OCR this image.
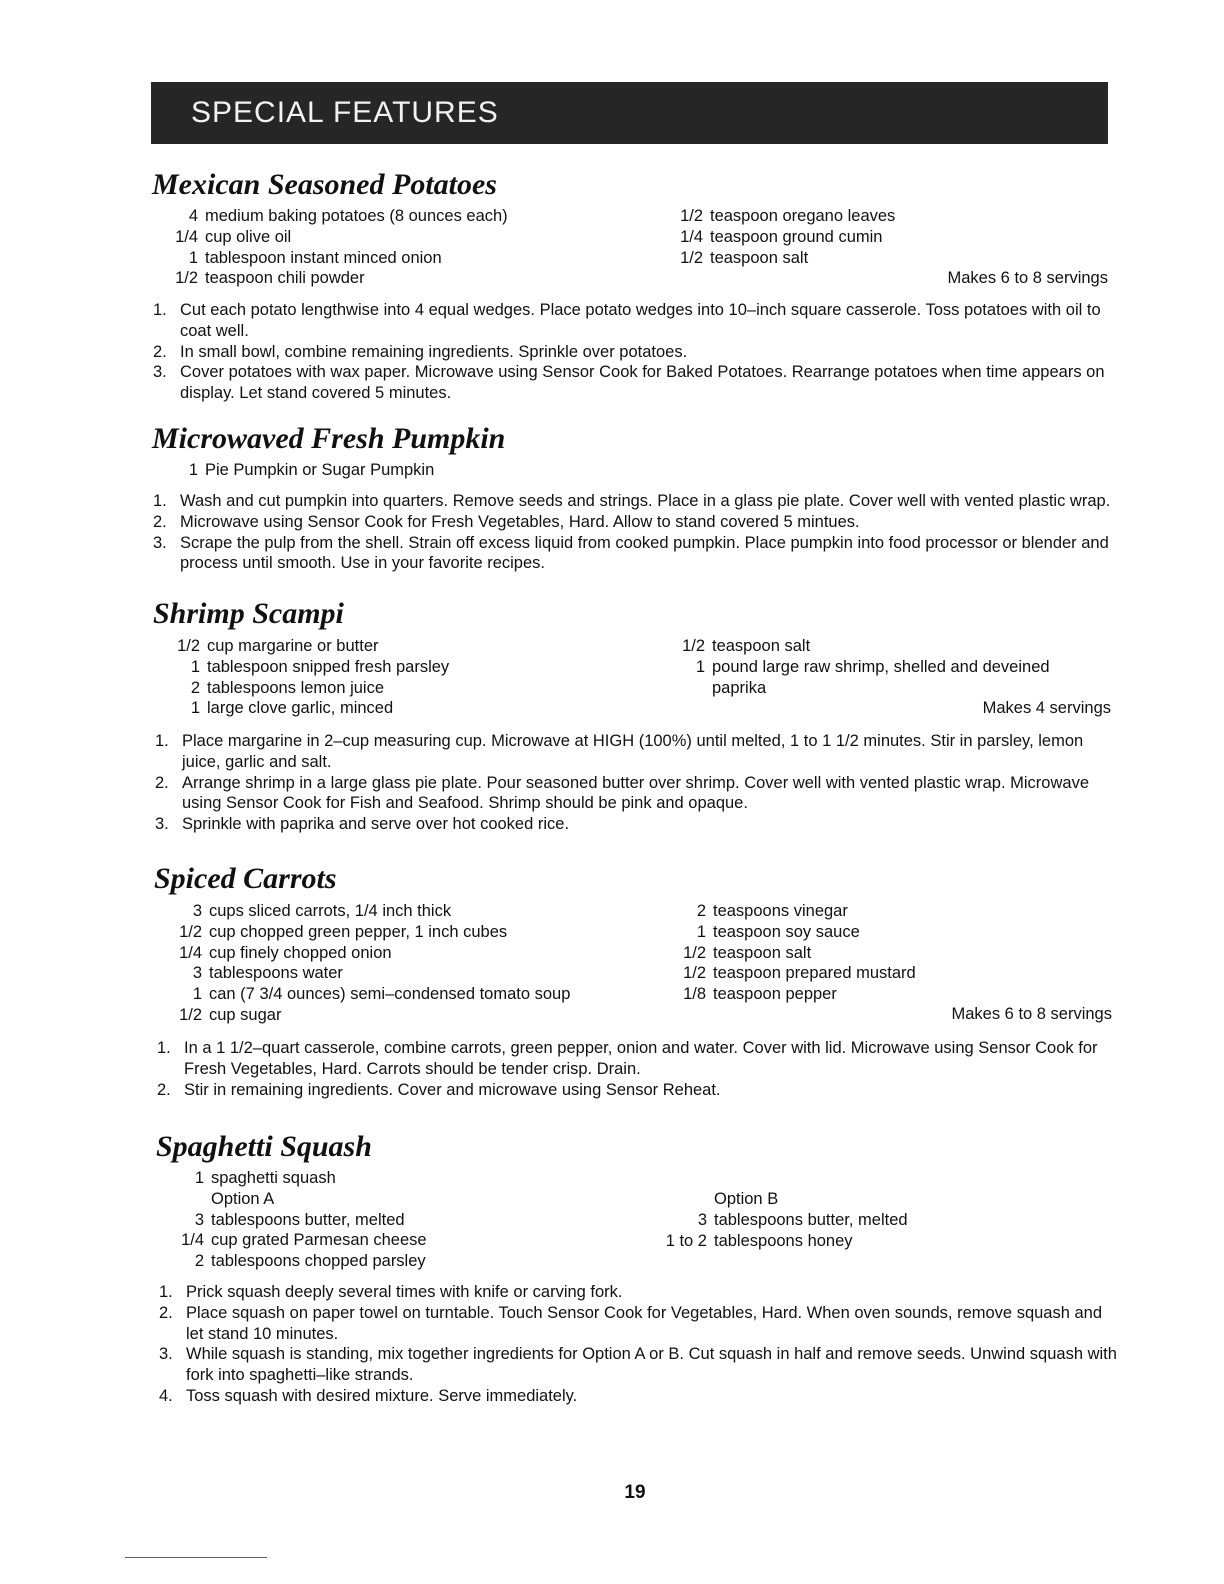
SPECIAL FEATURES
Mexican Seasoned Potatoes
4 medium baking potatoes (8 ounces each)
1/4 cup olive oil
1 tablespoon instant minced onion
1/2 teaspoon chili powder
1/2 teaspoon oregano leaves
1/4 teaspoon ground cumin
1/2 teaspoon salt
Makes 6 to 8 servings
1. Cut each potato lengthwise into 4 equal wedges. Place potato wedges into 10–inch square casserole. Toss potatoes with oil to coat well.
2. In small bowl, combine remaining ingredients. Sprinkle over potatoes.
3. Cover potatoes with wax paper. Microwave using Sensor Cook for Baked Potatoes. Rearrange potatoes when time appears on display. Let stand covered 5 minutes.
Microwaved Fresh Pumpkin
1 Pie Pumpkin or Sugar Pumpkin
1. Wash and cut pumpkin into quarters. Remove seeds and strings. Place in a glass pie plate. Cover well with vented plastic wrap.
2. Microwave using Sensor Cook for Fresh Vegetables, Hard. Allow to stand covered 5 mintues.
3. Scrape the pulp from the shell. Strain off excess liquid from cooked pumpkin. Place pumpkin into food processor or blender and process until smooth. Use in your favorite recipes.
Shrimp Scampi
1/2 cup margarine or butter
1 tablespoon snipped fresh parsley
2 tablespoons lemon juice
1 large clove garlic, minced
1/2 teaspoon salt
1 pound large raw shrimp, shelled and deveined
paprika
Makes 4 servings
1. Place margarine in 2–cup measuring cup. Microwave at HIGH (100%) until melted, 1 to 1 1/2 minutes. Stir in parsley, lemon juice, garlic and salt.
2. Arrange shrimp in a large glass pie plate. Pour seasoned butter over shrimp. Cover well with vented plastic wrap. Microwave using Sensor Cook for Fish and Seafood. Shrimp should be pink and opaque.
3. Sprinkle with paprika and serve over hot cooked rice.
Spiced Carrots
3 cups sliced carrots, 1/4 inch thick
1/2 cup chopped green pepper, 1 inch cubes
1/4 cup finely chopped onion
3 tablespoons water
1 can (7 3/4 ounces) semi–condensed tomato soup
1/2 cup sugar
2 teaspoons vinegar
1 teaspoon soy sauce
1/2 teaspoon salt
1/2 teaspoon prepared mustard
1/8 teaspoon pepper
Makes 6 to 8 servings
1. In a 1 1/2–quart casserole, combine carrots, green pepper, onion and water. Cover with lid. Microwave using Sensor Cook for Fresh Vegetables, Hard. Carrots should be tender crisp. Drain.
2. Stir in remaining ingredients. Cover and microwave using Sensor Reheat.
Spaghetti Squash
1 spaghetti squash
Option A
3 tablespoons butter, melted
1/4 cup grated Parmesan cheese
2 tablespoons chopped parsley
Option B
3 tablespoons butter, melted
1 to 2 tablespoons honey
1. Prick squash deeply several times with knife or carving fork.
2. Place squash on paper towel on turntable. Touch Sensor Cook for Vegetables, Hard. When oven sounds, remove squash and let stand 10 minutes.
3. While squash is standing, mix together ingredients for Option A or B. Cut squash in half and remove seeds. Unwind squash with fork into spaghetti–like strands.
4. Toss squash with desired mixture. Serve immediately.
19
